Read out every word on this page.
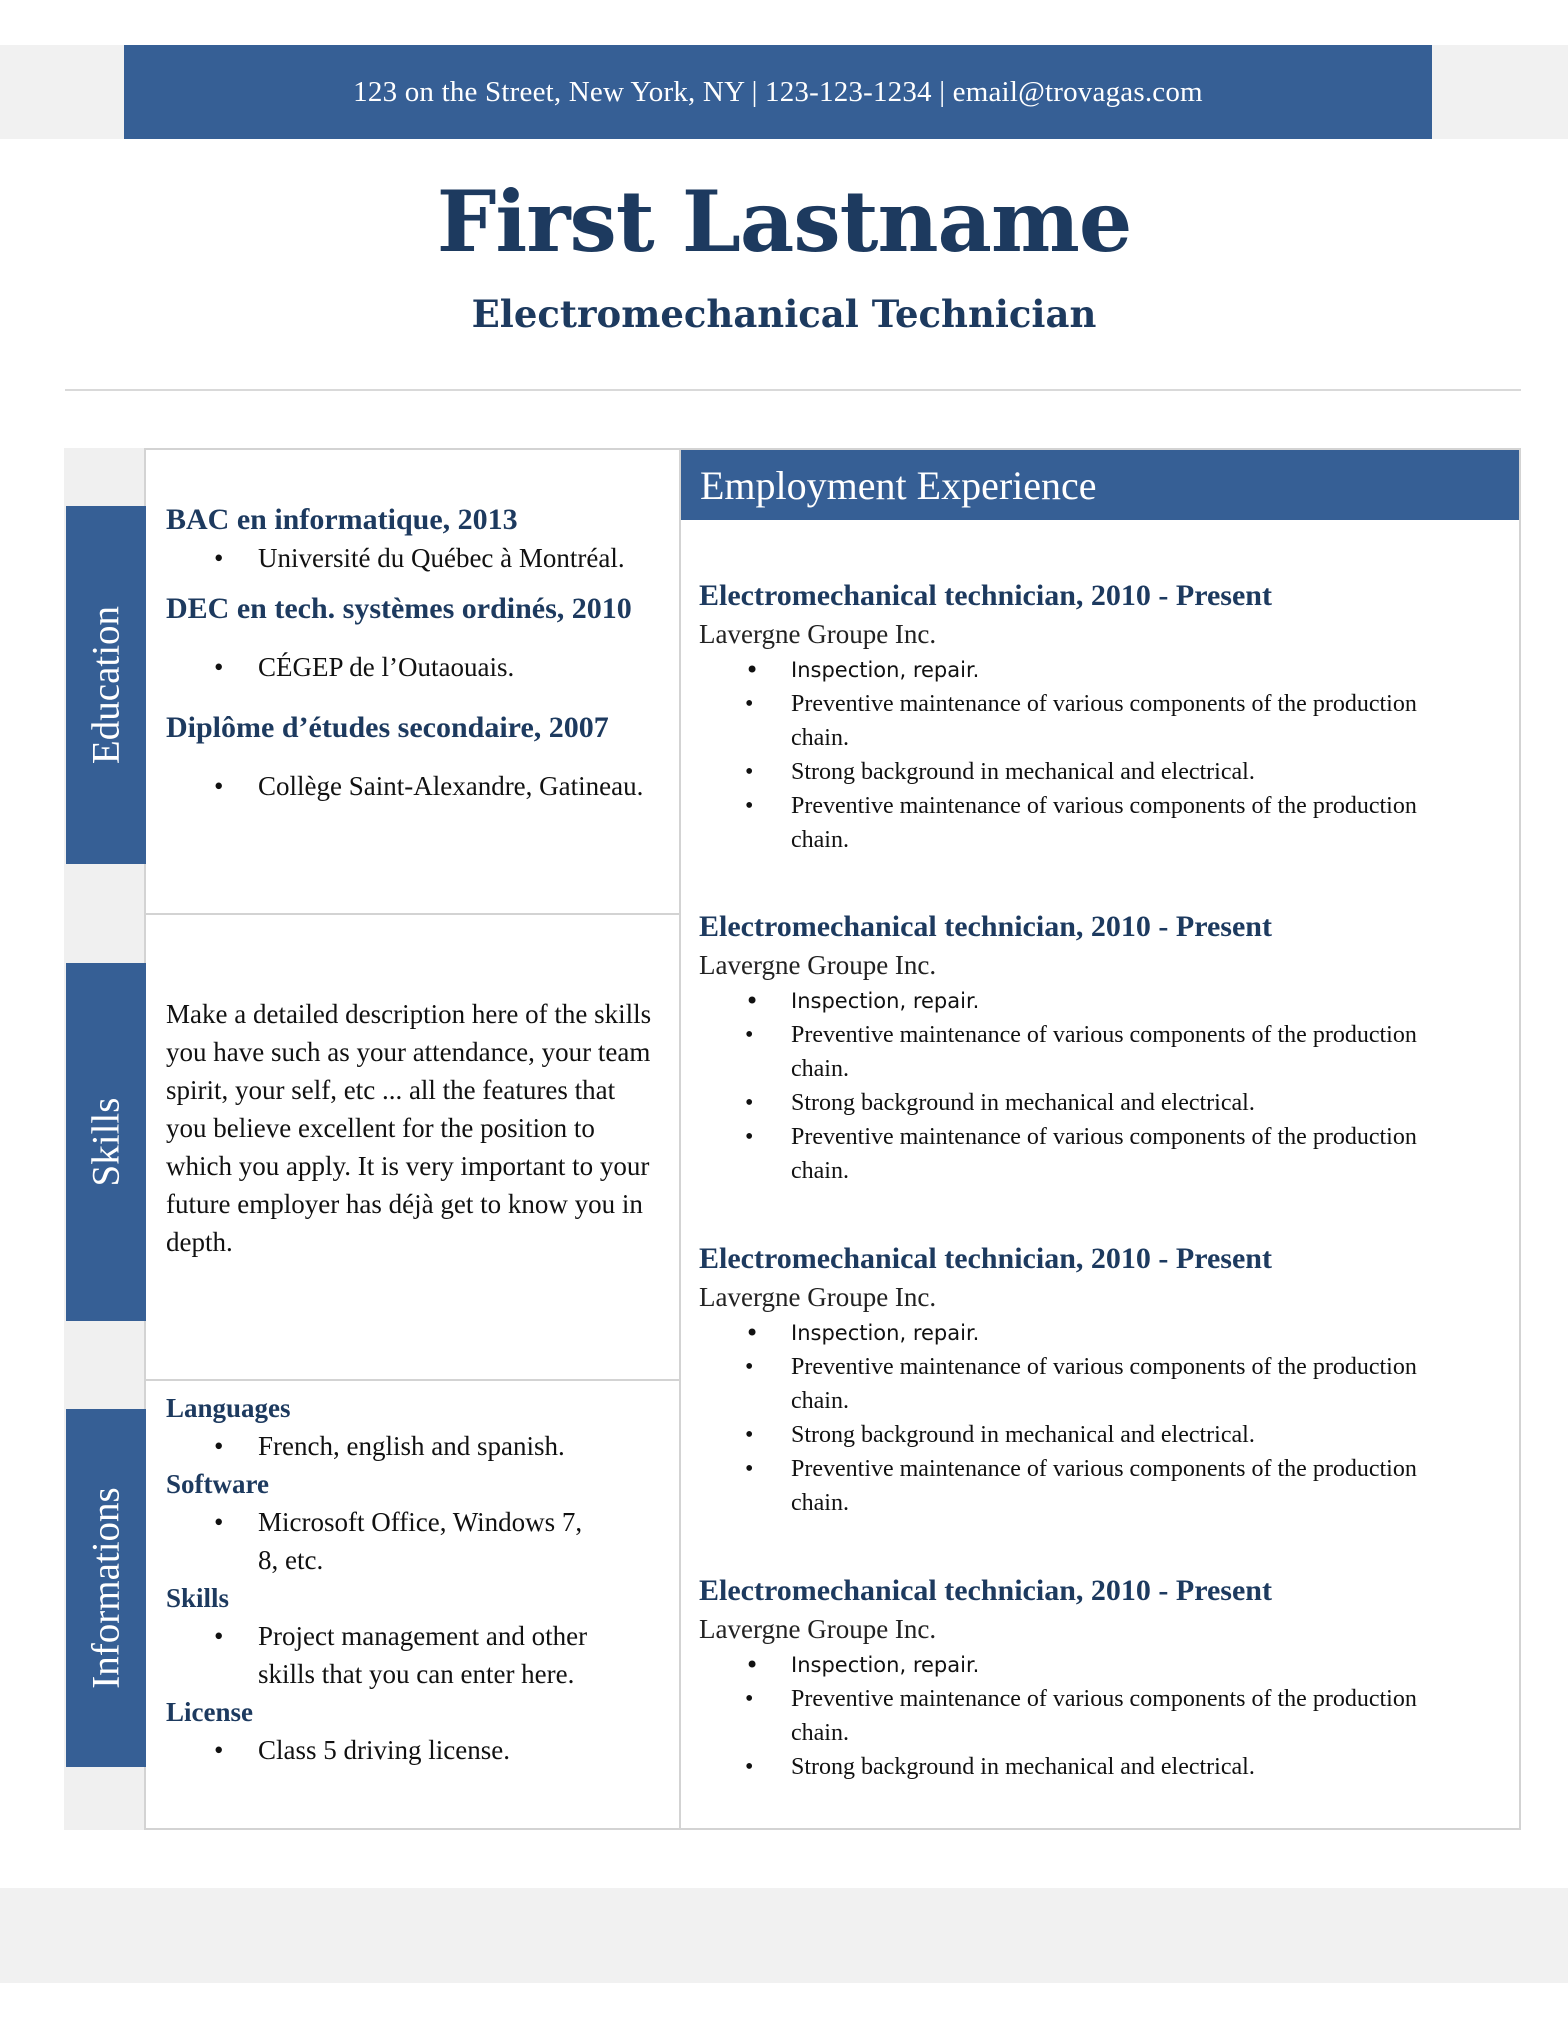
123 on the Street, New York, NY | 123-123-1234 | email@trovagas.com
First Lastname
Electromechanical Technician
Education
Skills
Informations
BAC en informatique, 2013
• Université du Québec à Montréal.
DEC en tech. systèmes ordinés, 2010
• CÉGEP de l’Outaouais.
Diplôme d’études secondaire, 2007
• Collège Saint-Alexandre, Gatineau.
Make a detailed description here of the skills you have such as your attendance, your team spirit, your self, etc ... all the features that you believe excellent for the position to which you apply. It is very important to your future employer has déjà get to know you in depth.
Languages
• French, english and spanish.
Software
• Microsoft Office, Windows 7, 8, etc.
Skills
• Project management and other skills that you can enter here.
License
• Class 5 driving license.
Employment Experience
Electromechanical technician, 2010 - Present
Lavergne Groupe Inc.
• Inspection, repair.
• Preventive maintenance of various components of the production chain.
• Strong background in mechanical and electrical.
• Preventive maintenance of various components of the production chain.
Electromechanical technician, 2010 - Present
Lavergne Groupe Inc.
• Inspection, repair.
• Preventive maintenance of various components of the production chain.
• Strong background in mechanical and electrical.
• Preventive maintenance of various components of the production chain.
Electromechanical technician, 2010 - Present
Lavergne Groupe Inc.
• Inspection, repair.
• Preventive maintenance of various components of the production chain.
• Strong background in mechanical and electrical.
• Preventive maintenance of various components of the production chain.
Electromechanical technician, 2010 - Present
Lavergne Groupe Inc.
• Inspection, repair.
• Preventive maintenance of various components of the production chain.
• Strong background in mechanical and electrical.
